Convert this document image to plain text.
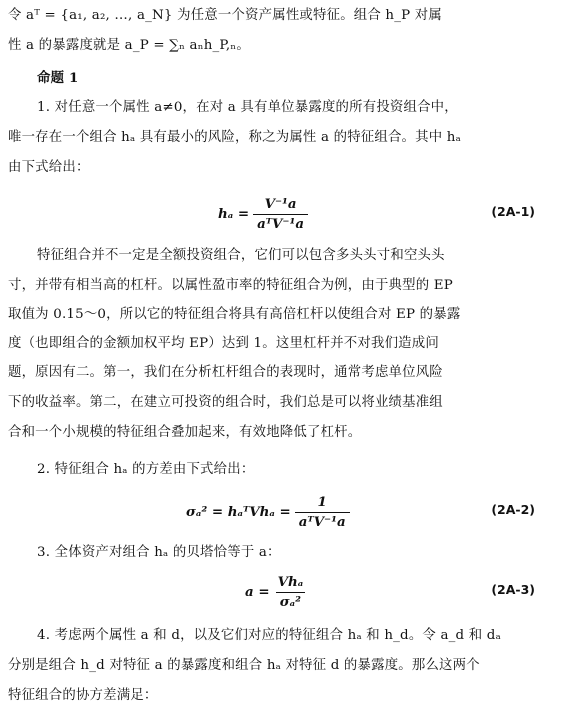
令 aᵀ = {a₁, a₂, …, a_N} 为任意一个资产属性或特征。组合 h_P 对属
性 a 的暴露度就是 a_P = ∑ₙ aₙh_P,ₙ。
命题 1
1. 对任意一个属性 a≠0，在对 a 具有单位暴露度的所有投资组合中，
唯一存在一个组合 hₐ 具有最小的风险，称之为属性 a 的特征组合。其中 hₐ
由下式给出：
$h_a = \frac{\text{V⁻¹a}}{\text{aᵀV⁻¹a}}$	(2A-1)
特征组合并不一定是全额投资组合，它们可以包含多头头寸和空头头
寸，并带有相当高的杠杆。以属性盈市率的特征组合为例，由于典型的 EP
取值为 0.15～0，所以它的特征组合将具有高倍杠杆以使组合对 EP 的暴露
度（也即组合的金额加权平均 EP）达到 1。这里杠杆并不对我们造成问
题，原因有二。第一，我们在分析杠杆组合的表现时，通常考虑单位风险
下的收益率。第二，在建立可投资的组合时，我们总是可以将业绩基准组
合和一个小规模的特征组合叠加起来，有效地降低了杠杆。
2. 特征组合 hₐ 的方差由下式给出：
σₐ² = hₐᵀVhₐ = $\frac{1}{\text{aᵀV⁻¹a}}$	(2A-2)
3. 全体资产对组合 hₐ 的贝塔恰等于 a：
$a = \frac{\text{Vhₐ}}{\text{σₐ²}}$	(2A-3)
4. 考虑两个属性 a 和 d，以及它们对应的特征组合 hₐ 和 h_d。令 a_d 和 dₐ
分别是组合 h_d 对特征 a 的暴露度和组合 hₐ 对特征 d 的暴露度。那么这两个
特征组合的协方差满足：
